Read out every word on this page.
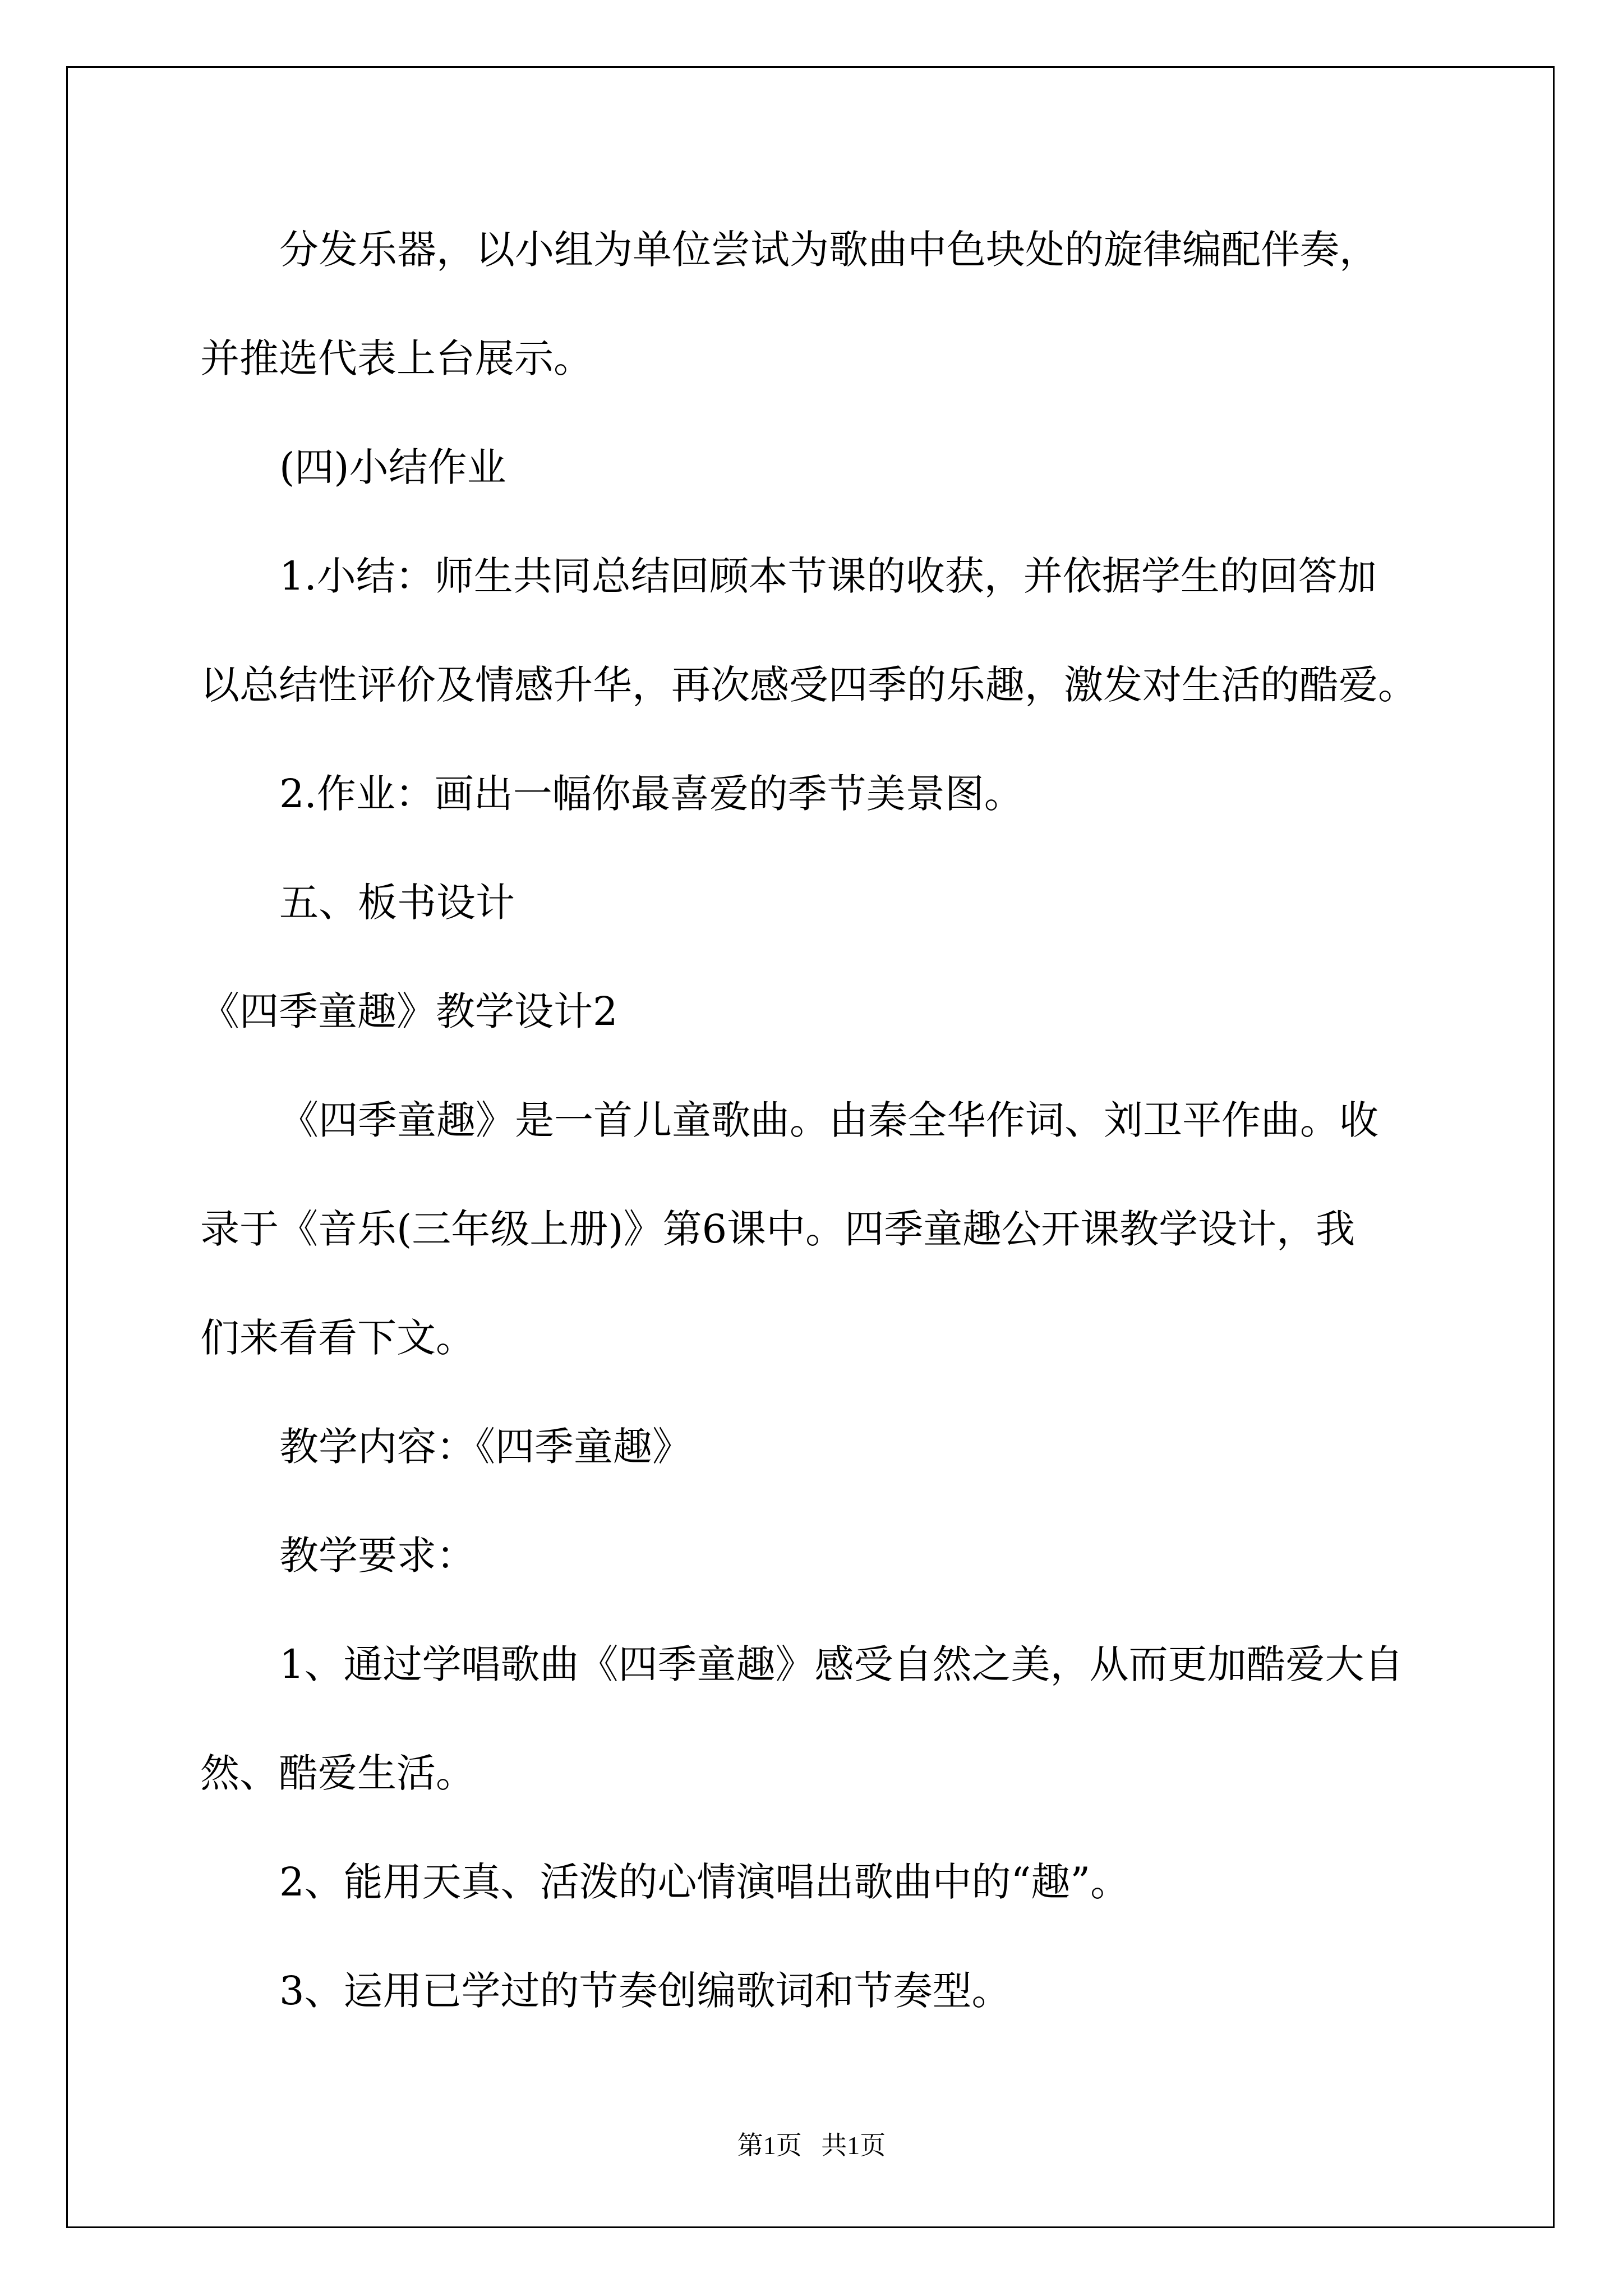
分发乐器，以小组为单位尝试为歌曲中色块处的旋律编配伴奏，

并推选代表上台展示。

(四)小结作业

1.小结：师生共同总结回顾本节课的收获，并依据学生的回答加

以总结性评价及情感升华，再次感受四季的乐趣，激发对生活的酷爱。

2.作业：画出一幅你最喜爱的季节美景图。

五、板书设计

《四季童趣》教学设计2

《四季童趣》是一首儿童歌曲。由秦全华作词、刘卫平作曲。收

录于《音乐(三年级上册)》第6课中。四季童趣公开课教学设计，我

们来看看下文。

教学内容：《四季童趣》

教学要求：

1、通过学唱歌曲《四季童趣》感受自然之美，从而更加酷爱大自

然、酷爱生活。

2、能用天真、活泼的心情演唱出歌曲中的“趣”。

3、运用已学过的节奏创编歌词和节奏型。

第1页   共1页
